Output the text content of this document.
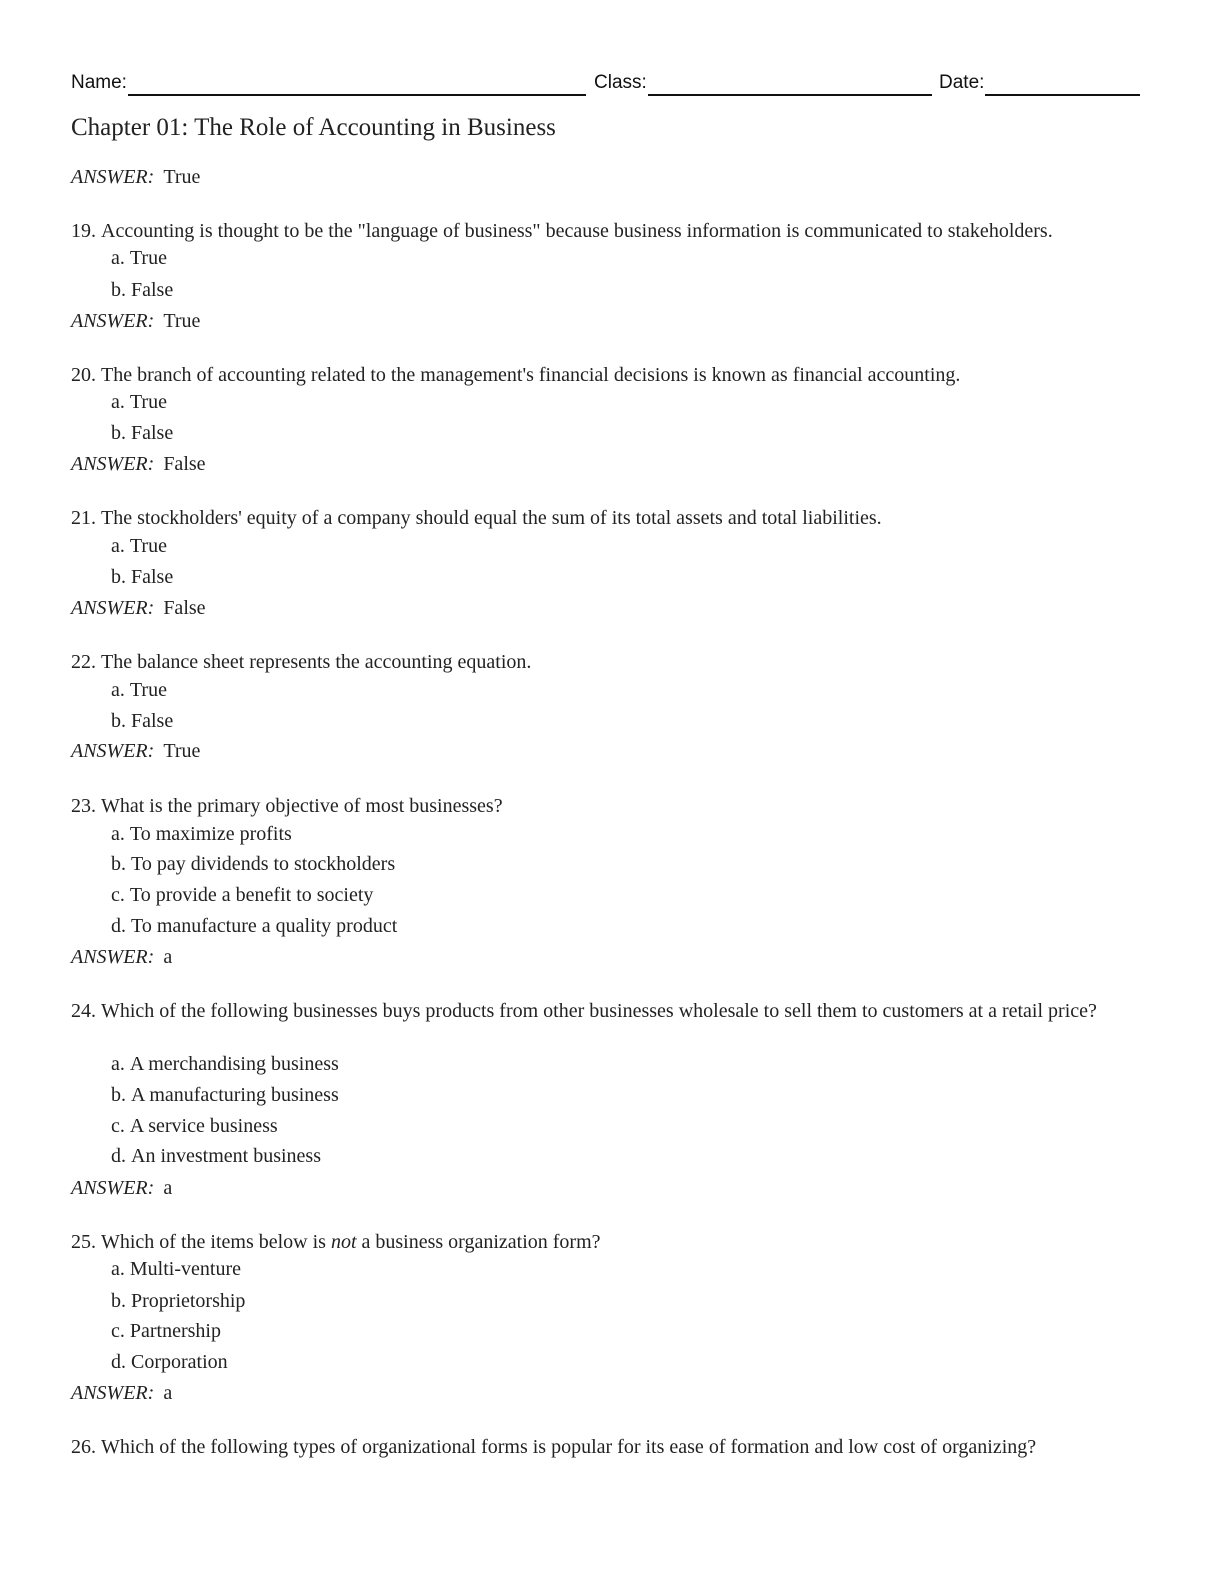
Name:	Class:	Date:
Chapter 01: The Role of Accounting in Business
ANSWER: True
19. Accounting is thought to be the "language of business" because business information is communicated to stakeholders.
a. True
b. False
ANSWER: True
20. The branch of accounting related to the management's financial decisions is known as financial accounting.
a. True
b. False
ANSWER: False
21. The stockholders' equity of a company should equal the sum of its total assets and total liabilities.
a. True
b. False
ANSWER: False
22. The balance sheet represents the accounting equation.
a. True
b. False
ANSWER: True
23. What is the primary objective of most businesses?
a. To maximize profits
b. To pay dividends to stockholders
c. To provide a benefit to society
d. To manufacture a quality product
ANSWER: a
24. Which of the following businesses buys products from other businesses wholesale to sell them to customers at a retail price?
a. A merchandising business
b. A manufacturing business
c. A service business
d. An investment business
ANSWER: a
25. Which of the items below is not a business organization form?
a. Multi-venture
b. Proprietorship
c. Partnership
d. Corporation
ANSWER: a
26. Which of the following types of organizational forms is popular for its ease of formation and low cost of organizing?
